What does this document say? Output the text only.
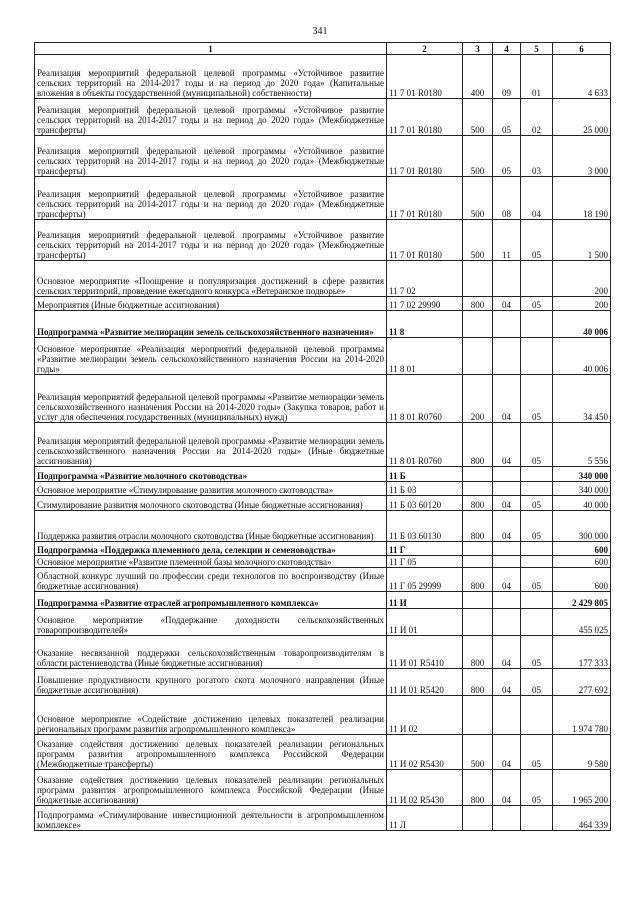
341
1	2	3	4	5	6
Реализация мероприятий федеральной целевой программы «Устойчивое развитие сельских территорий на 2014-2017 годы и на период до 2020 года» (Капитальные вложения в объекты государственной (муниципальной) собственности)	11 7 01 R0180	400	09	01	4 633
Реализация мероприятий федеральной целевой программы «Устойчивое развитие сельских территорий на 2014-2017 годы и на период до 2020 года» (Межбюджетные трансферты)	11 7 01 R0180	500	05	02	25 000
Реализация мероприятий федеральной целевой программы «Устойчивое развитие сельских территорий на 2014-2017 годы и на период до 2020 года» (Межбюджетные трансферты)	11 7 01 R0180	500	05	03	3 000
Реализация мероприятий федеральной целевой программы «Устойчивое развитие сельских территорий на 2014-2017 годы и на период до 2020 года» (Межбюджетные трансферты)	11 7 01 R0180	500	08	04	18 190
Реализация мероприятий федеральной целевой программы «Устойчивое развитие сельских территорий на 2014-2017 годы и на период до 2020 года» (Межбюджетные трансферты)	11 7 01 R0180	500	11	05	1 500
Основное мероприятие «Поощрение и популяризация достижений в сфере развития сельских территорий, проведение ежегодного конкурса «Ветеранское подворье»	11 7 02				200
Мероприятия (Иные бюджетные ассигнования)	11 7 02 29990	800	04	05	200
Подпрограмма «Развитие мелиорации земель сельскохозяйственного назначения»	11 8				40 006
Основное мероприятие «Реализация мероприятий федеральной целевой программы «Развитие мелиорации земель сельскохозяйственного назначения России на 2014-2020 годы»	11 8 01				40 006
Реализация мероприятий федеральной целевой программы «Развитие мелиорации земель сельскохозяйственного назначения России на 2014-2020 годы» (Закупка товаров, работ и услуг для обеспечения государственных (муниципальных) нужд)	11 8 01 R0760	200	04	05	34 450
Реализация мероприятий федеральной целевой программы «Развитие мелиорации земель сельскохозяйственного назначения России на 2014-2020 годы» (Иные бюджетные ассигнования)	11 8 01 R0760	800	04	05	5 556
Подпрограмма «Развитие молочного скотоводства»	11 Б				340 000
Основное мероприятие «Стимулирование развития молочного скотоводства»	11 Б 03				340 000
Стимулирование развития молочного скотоводства (Иные бюджетные ассигнования)	11 Б 03 60120	800	04	05	40 000
Поддержка развития отрасли молочного скотоводства (Иные бюджетные ассигнования)	11 Б 03 60130	800	04	05	300 000
Подпрограмма «Поддержка племенного дела, селекции и семеноводства»	11 Г				600
Основное мероприятие «Развитие племенной базы молочного скотоводства»	11 Г 05				600
Областной конкурс лучший по профессии среди технологов по воспроизводству (Иные бюджетные ассигнования)	11 Г 05 29999	800	04	05	600
Подпрограмма «Развитие отраслей агропромышленного комплекса»	11 И				2 429 805
Основное мероприятие «Поддержание доходности сельскохозяйственных товаропроизводителей»	11 И 01				455 025
Оказание несвязанной поддержки сельскохозяйственным товаропроизводителям в области растениеводства (Иные бюджетные ассигнования)	11 И 01 R5410	800	04	05	177 333
Повышение продуктивности крупного рогатого скота молочного направления (Иные бюджетные ассигнования)	11 И 01 R5420	800	04	05	277 692
Основное мероприятие «Содействие достижению целевых показателей реализации региональных программ развития агропромышленного комплекса»	11 И 02				1 974 780
Оказание содействия достижению целевых показателей реализации региональных программ развития агропромышленного комплекса Российской Федерации (Межбюджетные трансферты)	11 И 02 R5430	500	04	05	9 580
Оказание содействия достижению целевых показателей реализации региональных программ развития агропромышленного комплекса Российской Федерации (Иные бюджетные ассигнования)	11 И 02 R5430	800	04	05	1 965 200
Подпрограмма «Стимулирование инвестиционной деятельности в агропромышленном комплексе»	11 Л				464 339
